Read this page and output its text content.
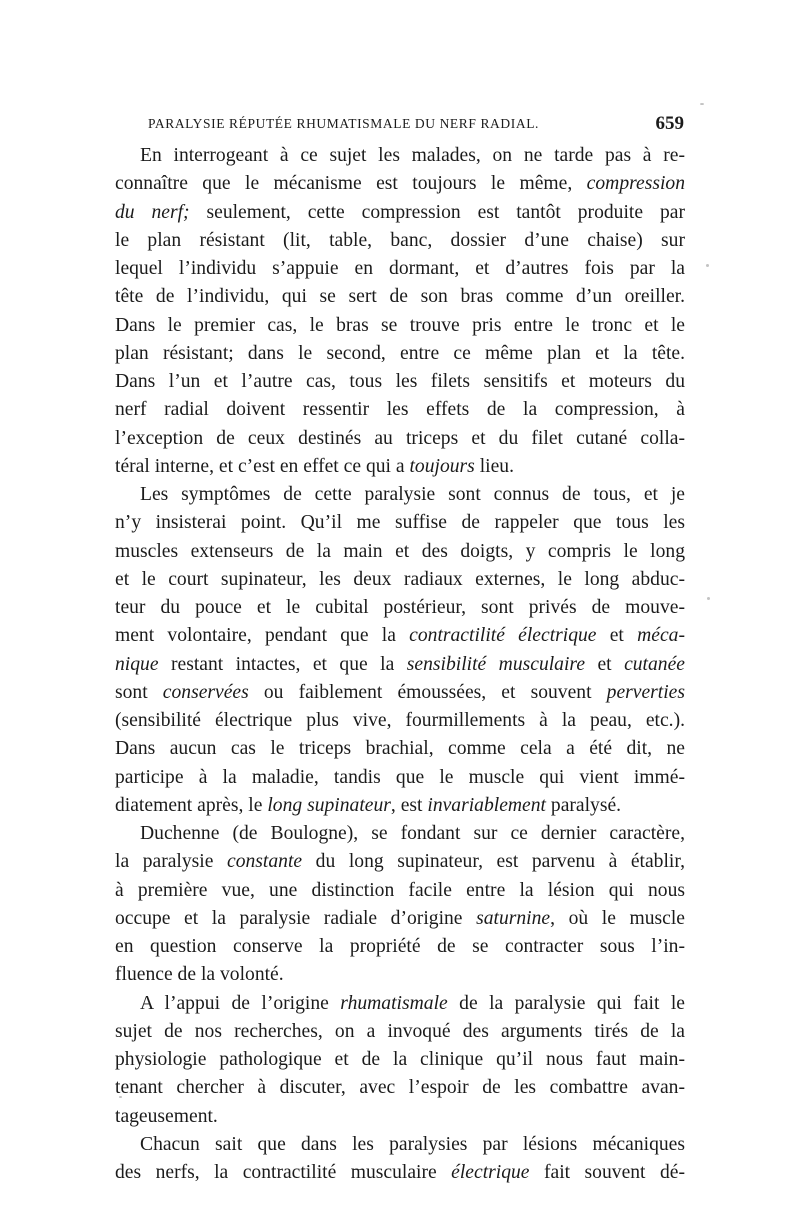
PARALYSIE RÉPUTÉE RHUMATISMALE DU NERF RADIAL.	659
En interrogeant à ce sujet les malades, on ne tarde pas à re-
connaître que le mécanisme est toujours le même, compression
du nerf; seulement, cette compression est tantôt produite par
le plan résistant (lit, table, banc, dossier d’une chaise) sur
lequel l’individu s’appuie en dormant, et d’autres fois par la
tête de l’individu, qui se sert de son bras comme d’un oreiller.
Dans le premier cas, le bras se trouve pris entre le tronc et le
plan résistant; dans le second, entre ce même plan et la tête.
Dans l’un et l’autre cas, tous les filets sensitifs et moteurs du
nerf radial doivent ressentir les effets de la compression, à
l’exception de ceux destinés au triceps et du filet cutané colla-
téral interne, et c’est en effet ce qui a toujours lieu.
Les symptômes de cette paralysie sont connus de tous, et je
n’y insisterai point. Qu’il me suffise de rappeler que tous les
muscles extenseurs de la main et des doigts, y compris le long
et le court supinateur, les deux radiaux externes, le long abduc-
teur du pouce et le cubital postérieur, sont privés de mouve-
ment volontaire, pendant que la contractilité électrique et méca-
nique restant intactes, et que la sensibilité musculaire et cutanée
sont conservées ou faiblement émoussées, et souvent perverties
(sensibilité électrique plus vive, fourmillements à la peau, etc.).
Dans aucun cas le triceps brachial, comme cela a été dit, ne
participe à la maladie, tandis que le muscle qui vient immé-
diatement après, le long supinateur, est invariablement paralysé.
Duchenne (de Boulogne), se fondant sur ce dernier caractère,
la paralysie constante du long supinateur, est parvenu à établir,
à première vue, une distinction facile entre la lésion qui nous
occupe et la paralysie radiale d’origine saturnine, où le muscle
en question conserve la propriété de se contracter sous l’in-
fluence de la volonté.
A l’appui de l’origine rhumatismale de la paralysie qui fait le
sujet de nos recherches, on a invoqué des arguments tirés de la
physiologie pathologique et de la clinique qu’il nous faut main-
tenant chercher à discuter, avec l’espoir de les combattre avan-
tageusement.
Chacun sait que dans les paralysies par lésions mécaniques
des nerfs, la contractilité musculaire électrique fait souvent dé-
